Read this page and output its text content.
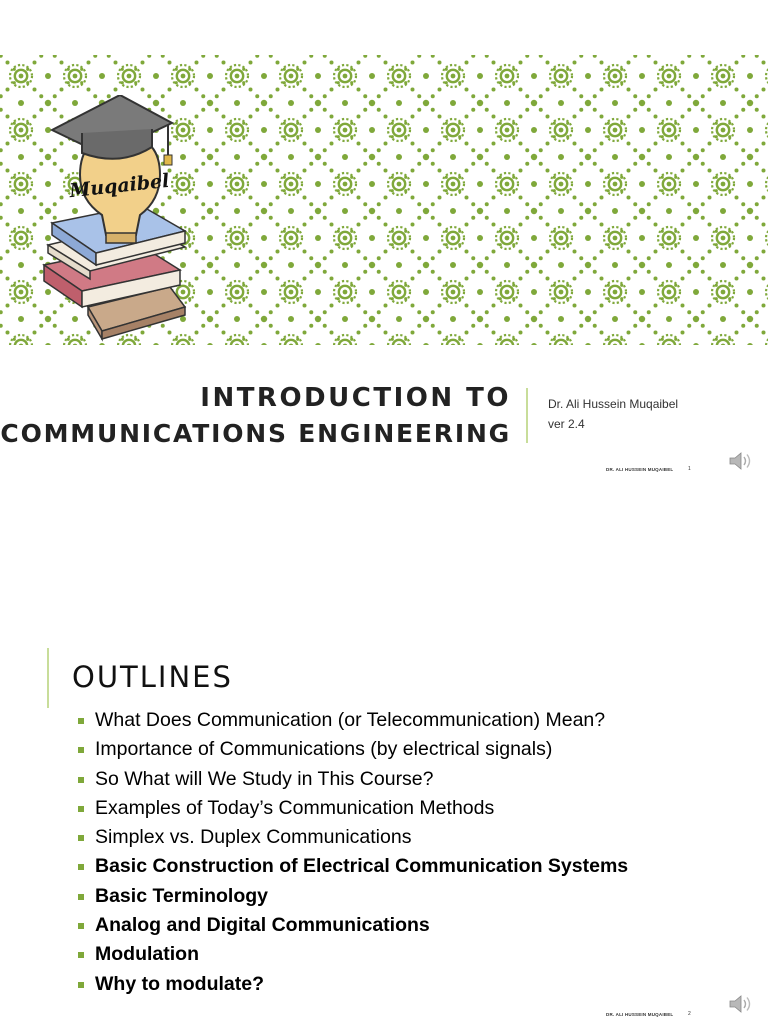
Muqaibel
INTRODUCTION TO
COMMUNICATIONS ENGINEERING
Dr. Ali Hussein Muqaibel
ver 2.4
DR. ALI HUSSEIN MUQAIBEL	1
OUTLINES
What Does Communication (or Telecommunication) Mean?
Importance of Communications (by electrical signals)
So What will We Study in This Course?
Examples of Today’s Communication Methods
Simplex vs. Duplex Communications
Basic Construction of Electrical Communication Systems
Basic Terminology
Analog and Digital Communications
Modulation
Why to modulate?
DR. ALI HUSSEIN MUQAIBEL	2
